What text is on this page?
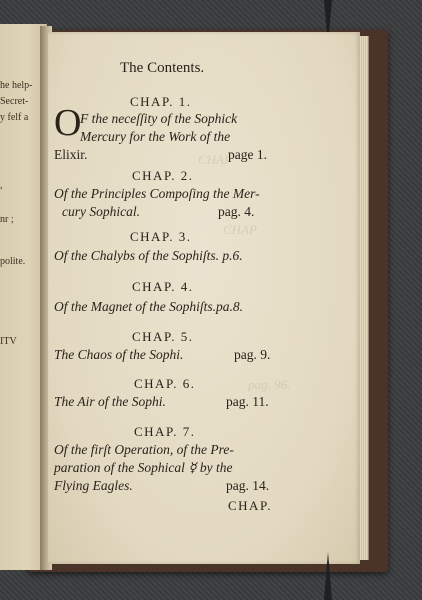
he help-
Secret-
y felf a
,
nr ;
polite.
ITV
CHAP
CHAP
pag. 96.
The Contents.
CHAP. 1.
O
F the neceſſity of the Sophick
Mercury for the Work of the
Elixir.	page 1.
CHAP. 2.
Of the Principles Compoſing the Mer-
cury Sophical.	pag. 4.
CHAP. 3.
Of the Chalybs of the Sophiſts. p.6.
CHAP. 4.
Of the Magnet of the Sophiſts.pa.8.
CHAP. 5.
The Chaos of the Sophi.	pag. 9.
CHAP. 6.
The Air of the Sophi.	pag. 11.
CHAP. 7.
Of the firſt Operation, of the Pre-
paration of the Sophical ☿ by the
Flying Eagles.	pag. 14.
CHAP.
